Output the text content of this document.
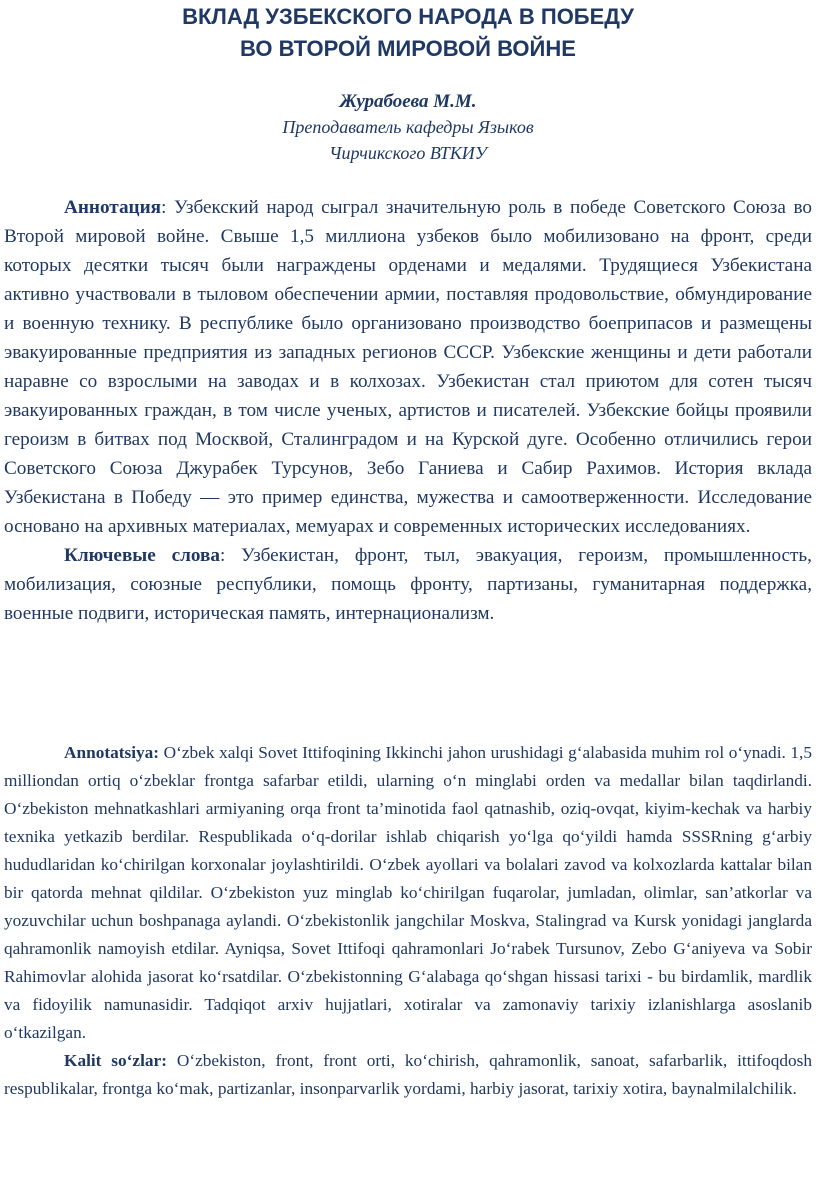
ВКЛАД УЗБЕКСКОГО НАРОДА В ПОБЕДУ
ВО ВТОРОЙ МИРОВОЙ ВОЙНЕ
Журабоева М.М.
Преподаватель кафедры Языков
Чирчикского ВТКИУ

Аннотация: Узбекский народ сыграл значительную роль в победе Советского Союза во Второй мировой войне. Свыше 1,5 миллиона узбеков было мобилизовано на фронт, среди которых десятки тысяч были награждены орденами и медалями. Трудящиеся Узбекистана активно участвовали в тыловом обеспечении армии, поставляя продовольствие, обмундирование и военную технику. В республике было организовано производство боеприпасов и размещены эвакуированные предприятия из западных регионов СССР. Узбекские женщины и дети работали наравне со взрослыми на заводах и в колхозах. Узбекистан стал приютом для сотен тысяч эвакуированных граждан, в том числе ученых, артистов и писателей. Узбекские бойцы проявили героизм в битвах под Москвой, Сталинградом и на Курской дуге. Особенно отличились герои Советского Союза Джурабек Турсунов, Зебо Ганиева и Сабир Рахимов. История вклада Узбекистана в Победу — это пример единства, мужества и самоотверженности. Исследование основано на архивных материалах, мемуарах и современных исторических исследованиях.

Ключевые слова: Узбекистан, фронт, тыл, эвакуация, героизм, промышленность, мобилизация, союзные республики, помощь фронту, партизаны, гуманитарная поддержка, военные подвиги, историческая память, интернационализм.

Annotatsiya: O‘zbek xalqi Sovet Ittifoqining Ikkinchi jahon urushidagi g‘alabasida muhim rol o‘ynadi. 1,5 milliondan ortiq o‘zbeklar frontga safarbar etildi, ularning o‘n minglabi orden va medallar bilan taqdirlandi. O‘zbekiston mehnatkashlari armiyaning orqa front ta’minotida faol qatnashib, oziq-ovqat, kiyim-kechak va harbiy texnika yetkazib berdilar. Respublikada o‘q-dorilar ishlab chiqarish yo‘lga qo‘yildi hamda SSSRning g‘arbiy hududlaridan ko‘chirilgan korxonalar joylashtirildi. O‘zbek ayollari va bolalari zavod va kolxozlarda kattalar bilan bir qatorda mehnat qildilar. O‘zbekiston yuz minglab ko‘chirilgan fuqarolar, jumladan, olimlar, san’atkorlar va yozuvchilar uchun boshpanaga aylandi. O‘zbekistonlik jangchilar Moskva, Stalingrad va Kursk yonidagi janglarda qahramonlik namoyish etdilar. Ayniqsa, Sovet Ittifoqi qahramonlari Jo‘rabek Tursunov, Zebo G‘aniyeva va Sobir Rahimovlar alohida jasorat ko‘rsatdilar. O‘zbekistonning G‘alabaga qo‘shgan hissasi tarixi - bu birdamlik, mardlik va fidoyilik namunasidir. Tadqiqot arxiv hujjatlari, xotiralar va zamonaviy tarixiy izlanishlarga asoslanib o‘tkazilgan.

Kalit so‘zlar: O‘zbekiston, front, front orti, ko‘chirish, qahramonlik, sanoat, safarbarlik, ittifoqdosh respublikalar, frontga ko‘mak, partizanlar, insonparvarlik yordami, harbiy jasorat, tarixiy xotira, baynalmilalchilik.
